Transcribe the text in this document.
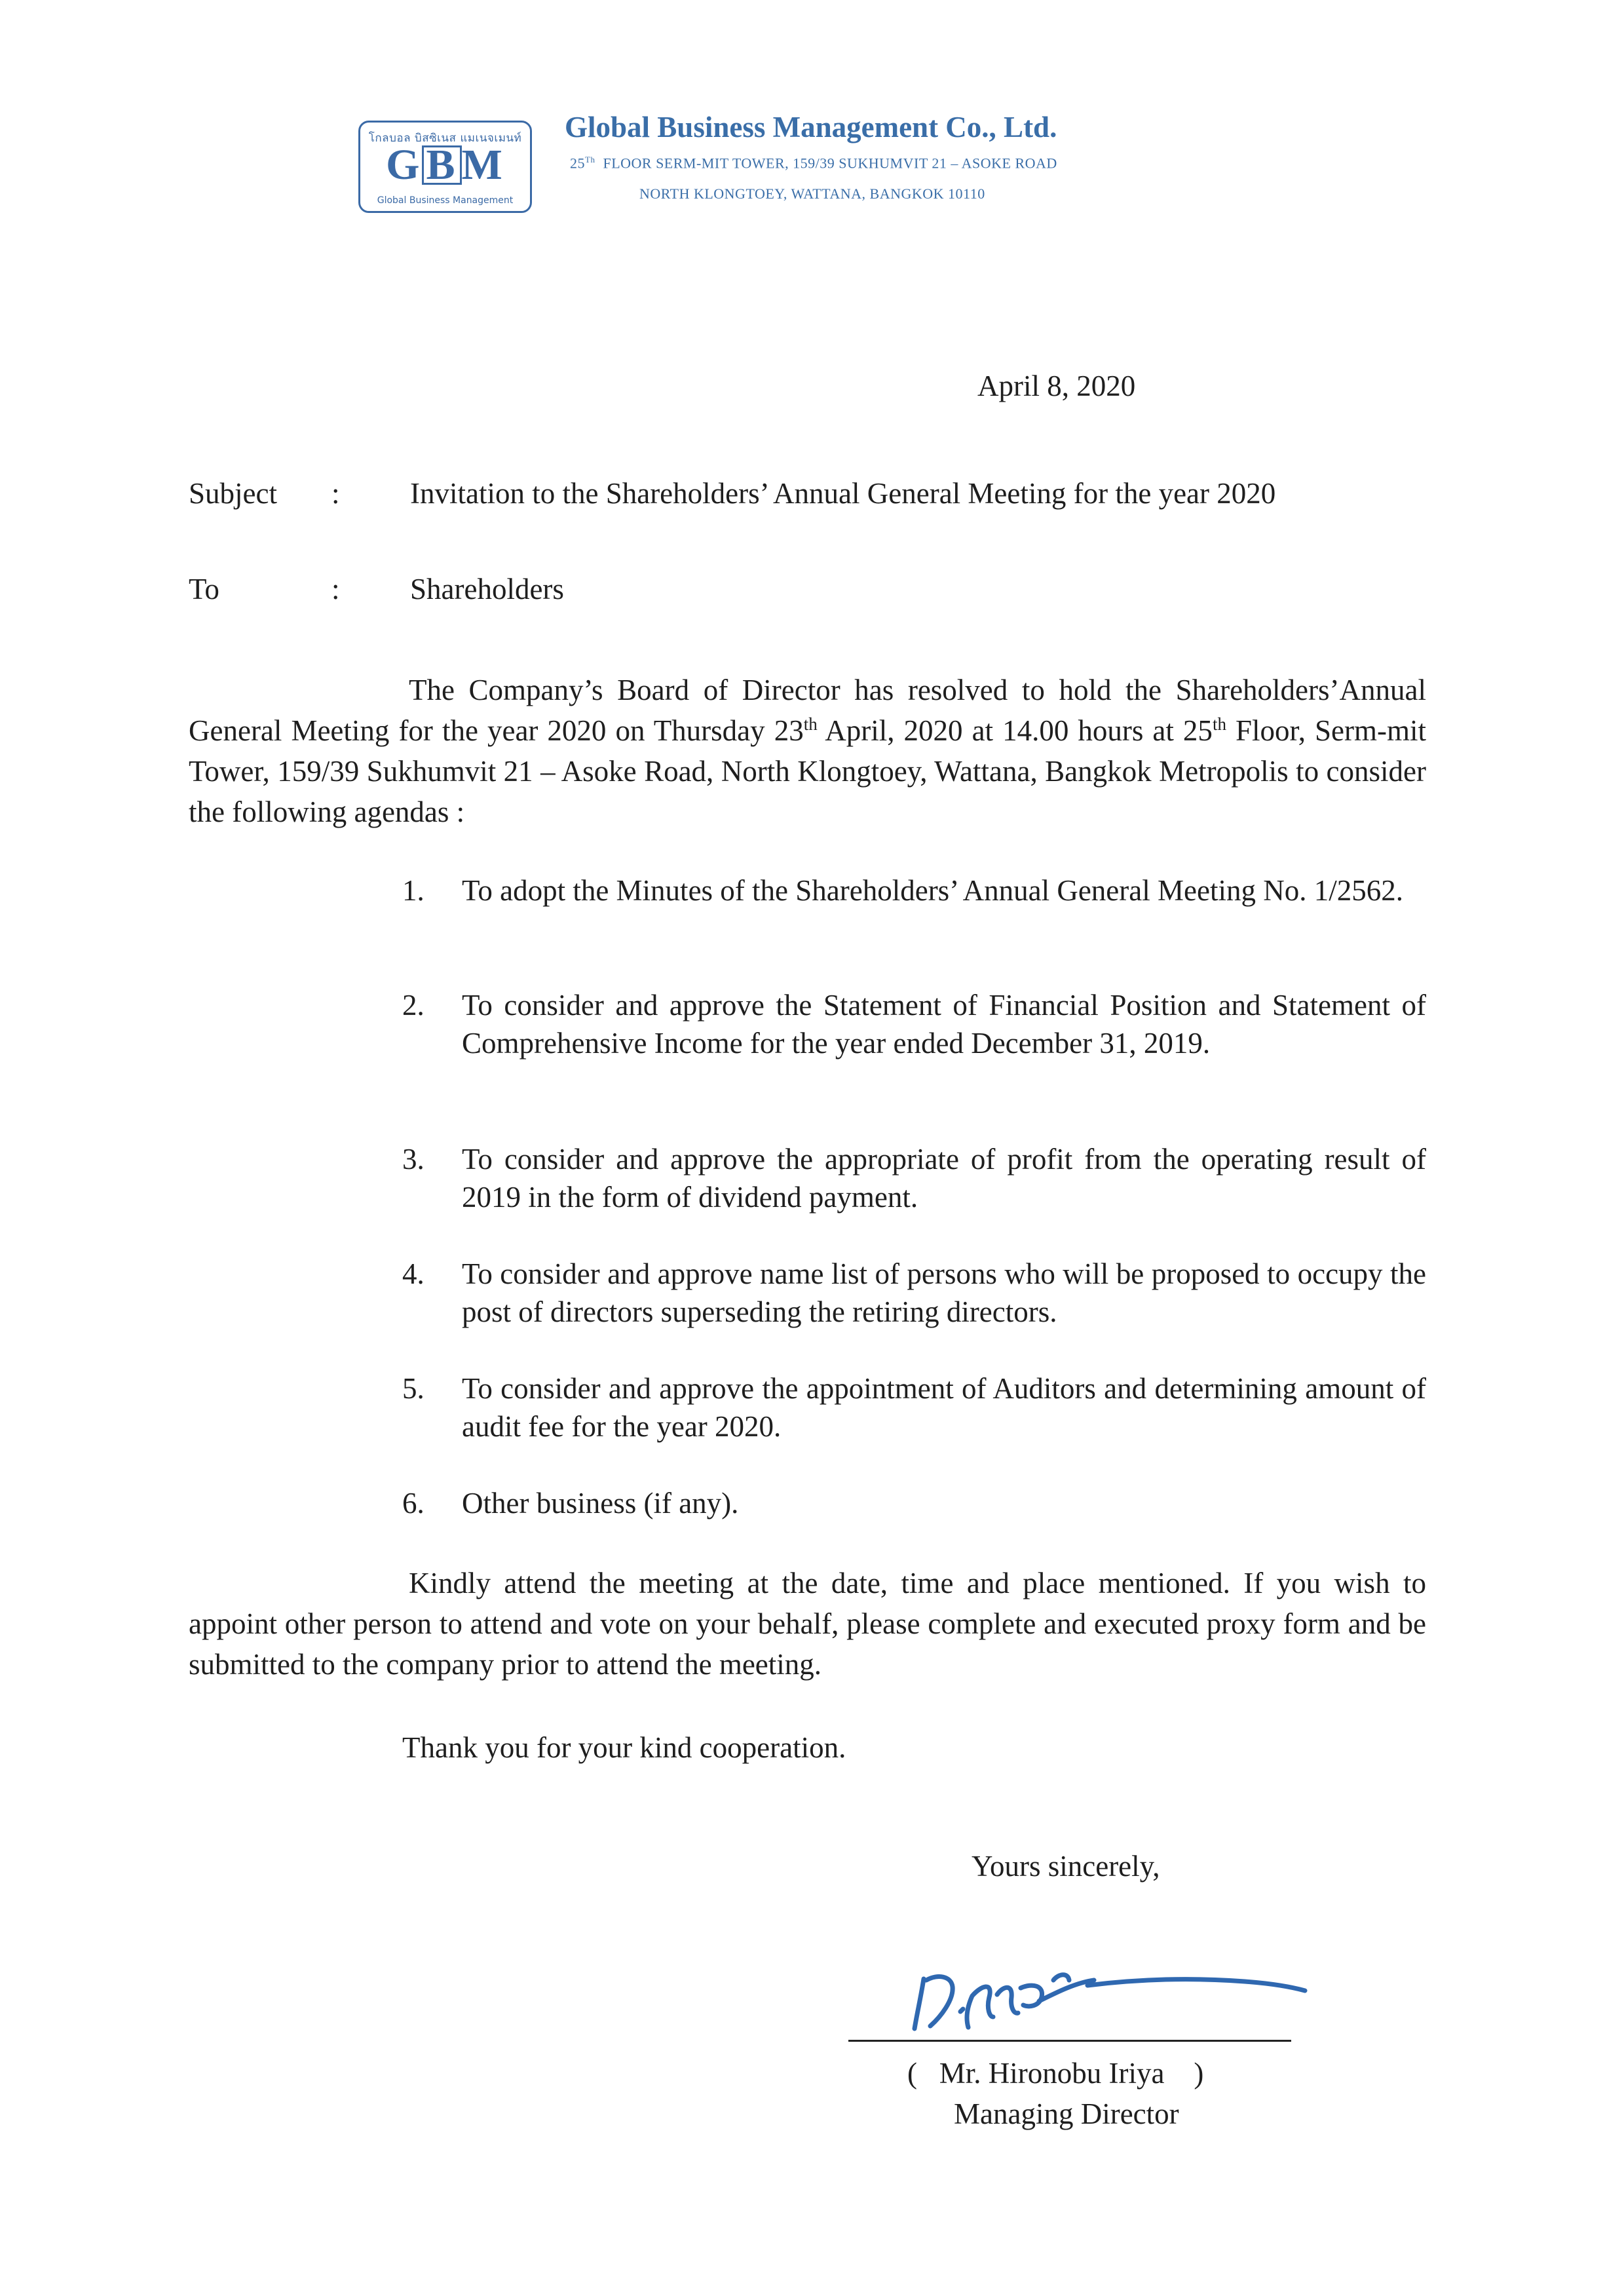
โกลบอล บิสซิเนส แมเนจเมนท์
G B M
Global Business Management
Global Business Management Co., Ltd.
25Th FLOOR SERM-MIT TOWER, 159/39 SUKHUMVIT 21 – ASOKE ROAD
NORTH KLONGTOEY, WATTANA, BANGKOK 10110
April 8, 2020
Subject : Invitation to the Shareholders’ Annual General Meeting for the year 2020
To	: Shareholders
The Company’s Board of Director has resolved to hold the Shareholders’Annual General Meeting for the year 2020 on Thursday 23th April, 2020 at 14.00 hours at 25th Floor, Serm-mit Tower, 159/39 Sukhumvit 21 – Asoke Road, North Klongtoey, Wattana, Bangkok Metropolis to consider the following agendas :
1. To adopt the Minutes of the Shareholders’ Annual General Meeting No. 1/2562.
2. To consider and approve the Statement of Financial Position and Statement of Comprehensive Income for the year ended December 31, 2019.
3. To consider and approve the appropriate of profit from the operating result of 2019 in the form of dividend payment.
4. To consider and approve name list of persons who will be proposed to occupy the post of directors superseding the retiring directors.
5. To consider and approve the appointment of Auditors and determining amount of audit fee for the year 2020.
6. Other business (if any).
Kindly attend the meeting at the date, time and place mentioned. If you wish to appoint other person to attend and vote on your behalf, please complete and executed proxy form and be submitted to the company prior to attend the meeting.
Thank you for your kind cooperation.
Yours sincerely,
(   Mr. Hironobu Iriya    )
Managing Director
